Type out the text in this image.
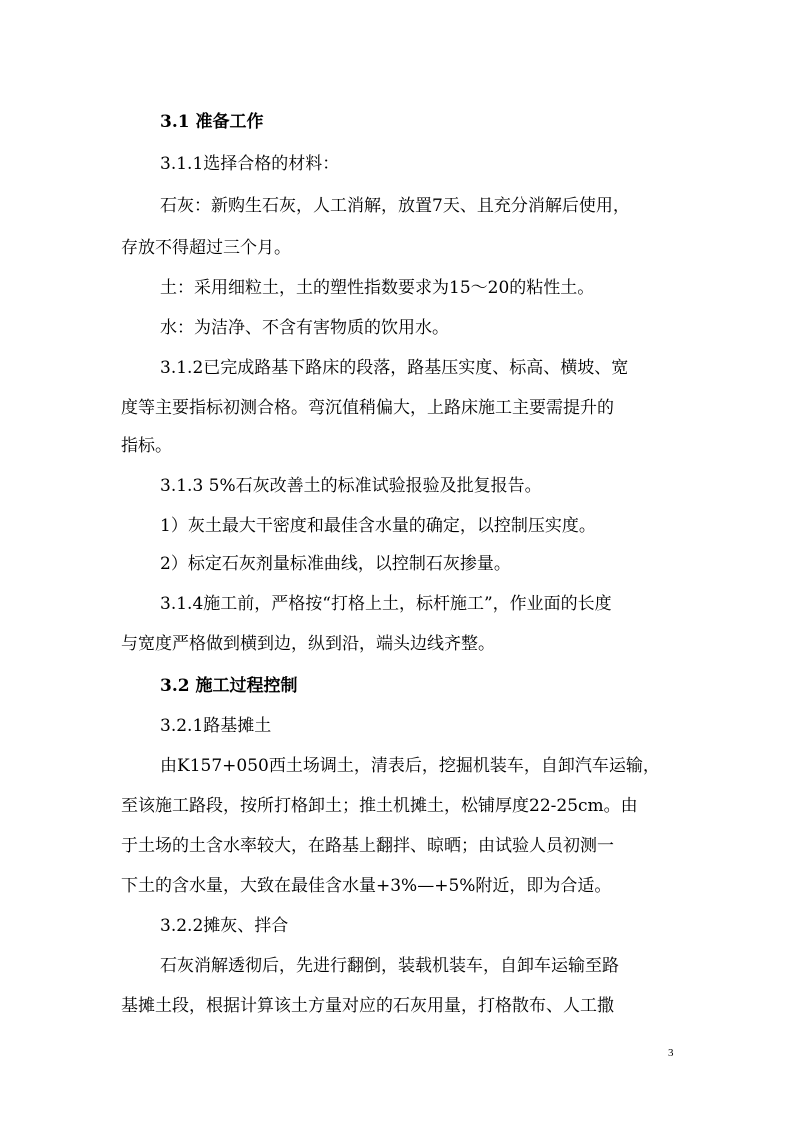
3.1 准备工作
3.1.1选择合格的材料：
石灰：新购生石灰，人工消解，放置7天、且充分消解后使用，
存放不得超过三个月。
土：采用细粒土，土的塑性指数要求为15～20的粘性土。
水：为洁净、不含有害物质的饮用水。
3.1.2已完成路基下路床的段落，路基压实度、标高、横坡、宽
度等主要指标初测合格。弯沉值稍偏大，上路床施工主要需提升的
指标。
3.1.3 5%石灰改善土的标准试验报验及批复报告。
1）灰土最大干密度和最佳含水量的确定，以控制压实度。
2）标定石灰剂量标准曲线，以控制石灰掺量。
3.1.4施工前，严格按“打格上土，标杆施工”，作业面的长度
与宽度严格做到横到边，纵到沿，端头边线齐整。
3.2 施工过程控制
3.2.1路基摊土
由K157+050西土场调土，清表后，挖掘机装车，自卸汽车运输，
至该施工路段，按所打格卸土；推土机摊土，松铺厚度22-25cm。由
于土场的土含水率较大，在路基上翻拌、晾晒；由试验人员初测一
下土的含水量，大致在最佳含水量+3%—+5%附近，即为合适。
3.2.2摊灰、拌合
石灰消解透彻后，先进行翻倒，装载机装车，自卸车运输至路
基摊土段，根据计算该土方量对应的石灰用量，打格散布、人工撒
3
